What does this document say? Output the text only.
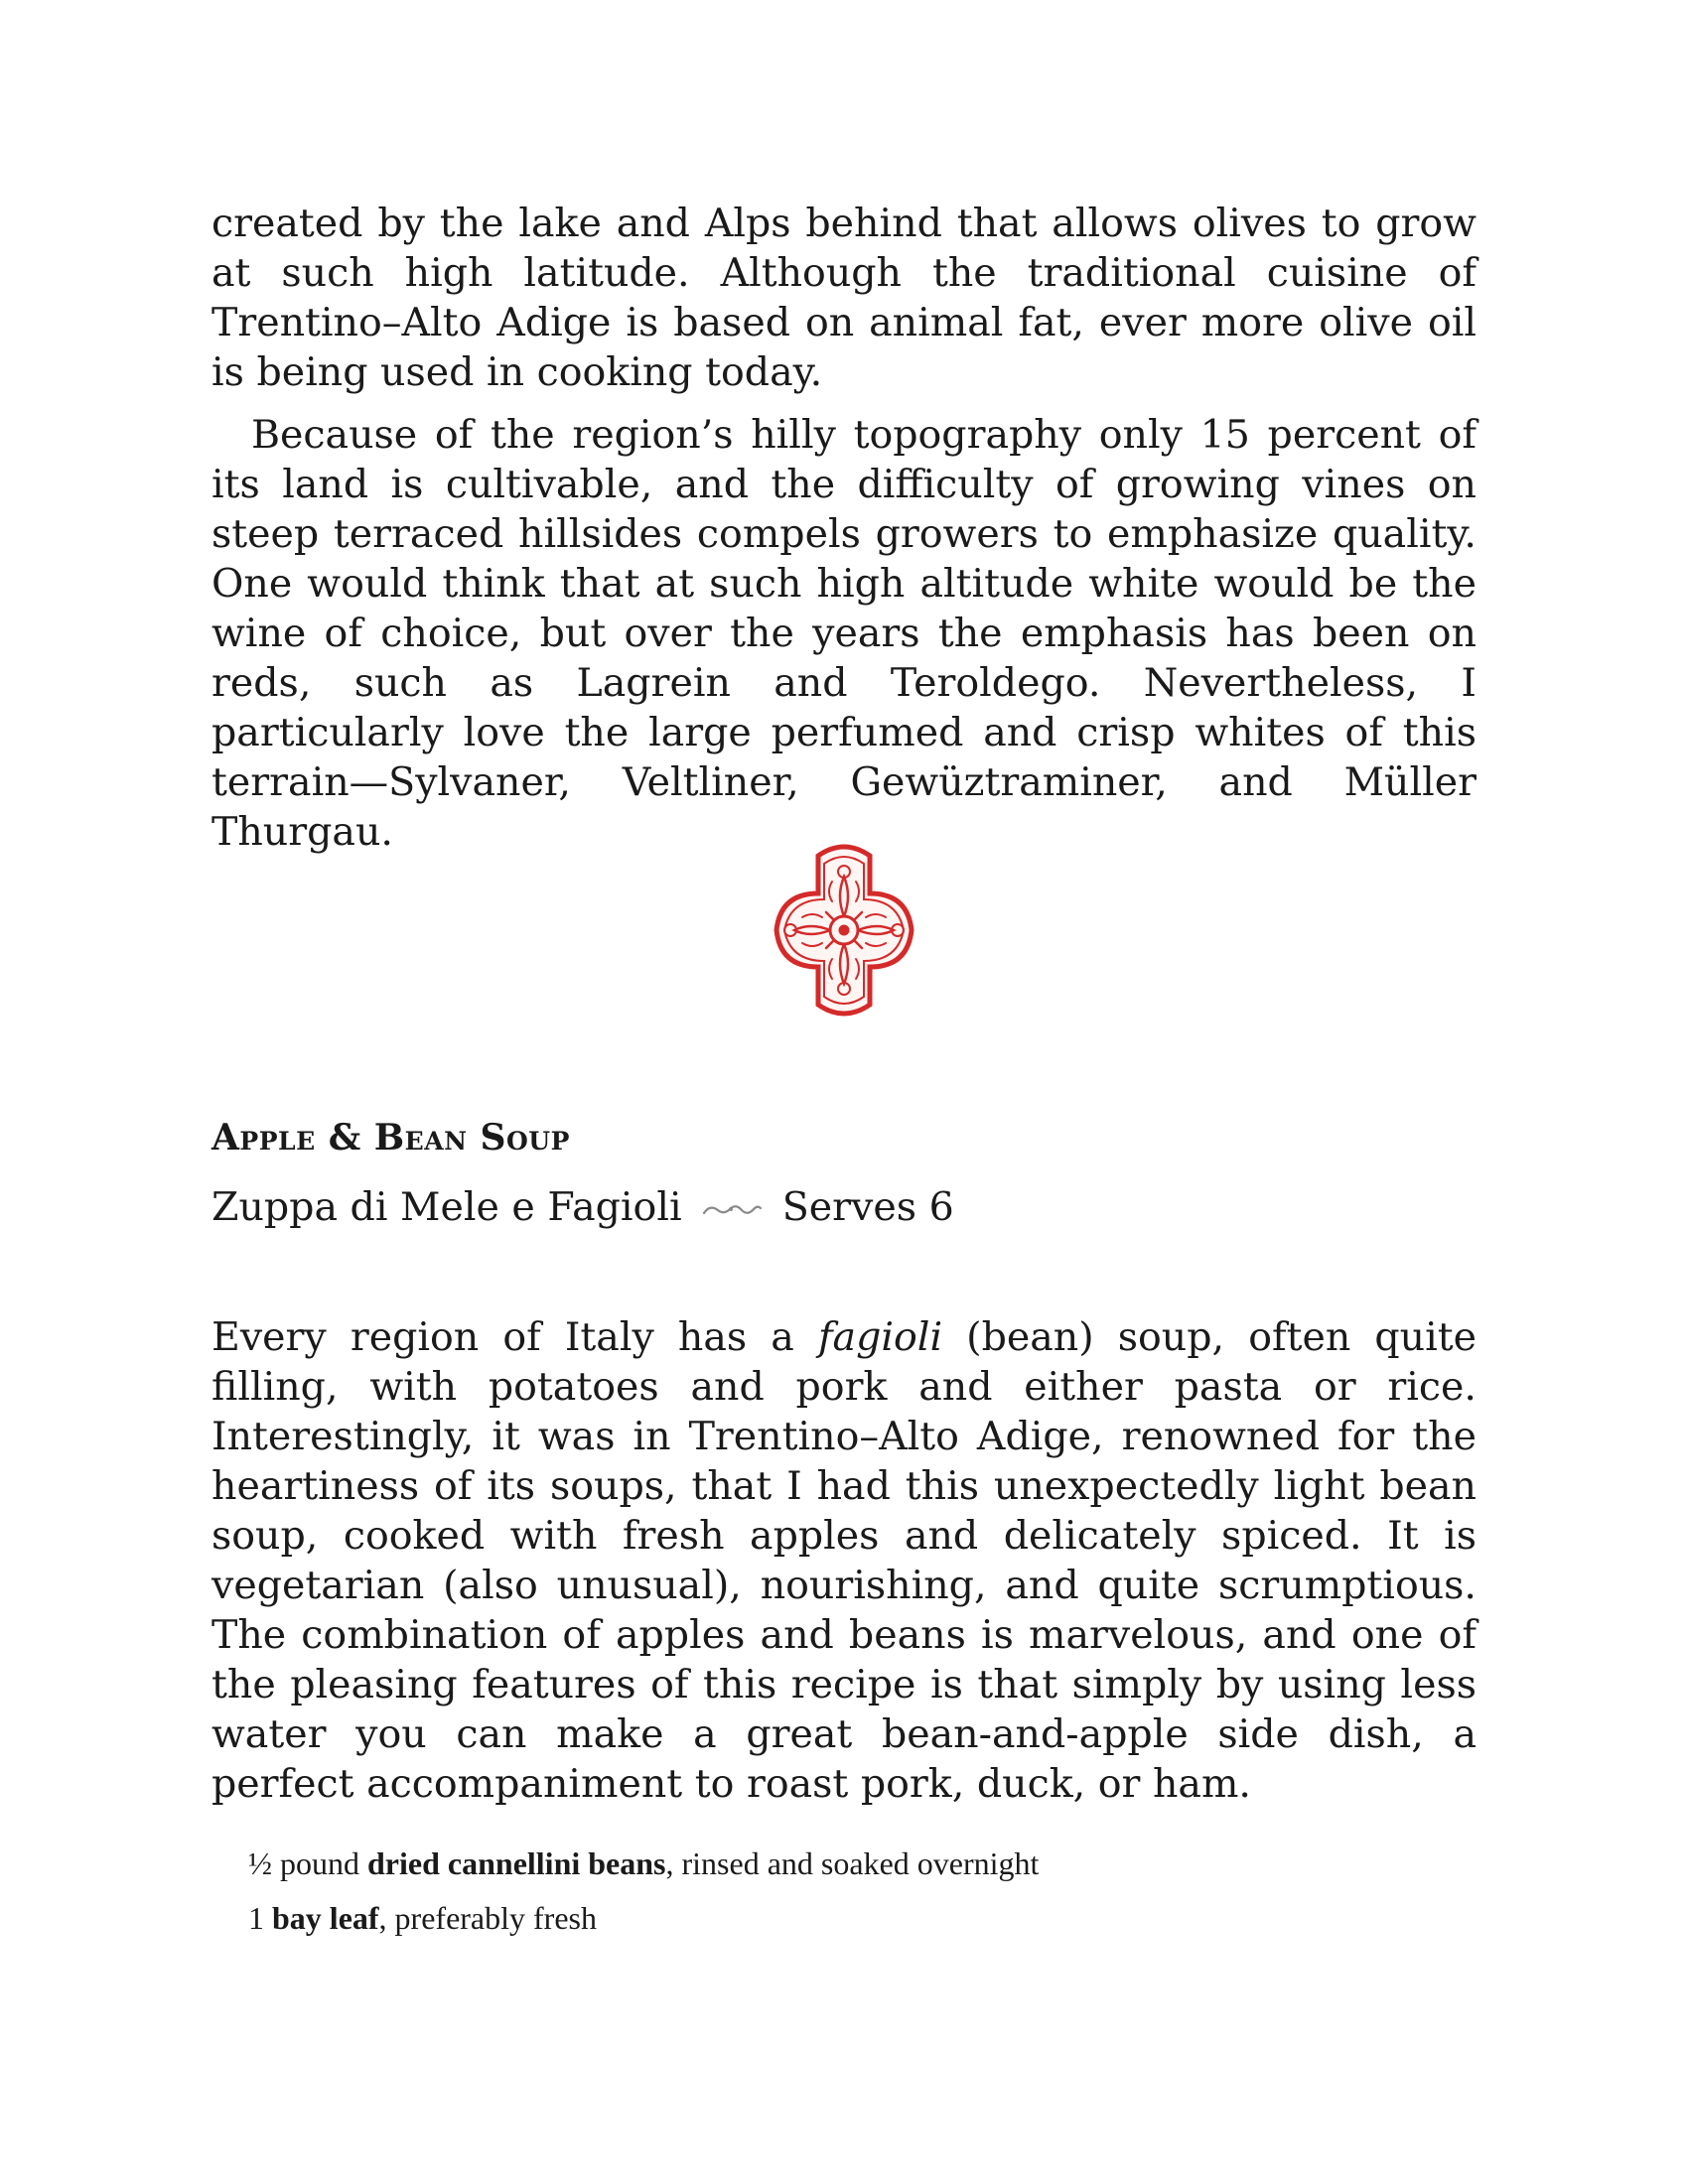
created by the lake and Alps behind that allows olives to grow at such high latitude. Although the traditional cuisine of Trentino–Alto Adige is based on animal fat, ever more olive oil is being used in cooking today.

Because of the region’s hilly topography only 15 percent of its land is cultivable, and the difficulty of growing vines on steep terraced hillsides compels growers to emphasize quality. One would think that at such high altitude white would be the wine of choice, but over the years the emphasis has been on reds, such as Lagrein and Teroldego. Nevertheless, I particularly love the large perfumed and crisp whites of this terrain—Sylvaner, Veltliner, Gewüztraminer, and Müller Thurgau.

Apple & Bean Soup

Zuppa di Mele e Fagioli	Serves 6

Every region of Italy has a fagioli (bean) soup, often quite filling, with potatoes and pork and either pasta or rice. Interestingly, it was in Trentino–Alto Adige, renowned for the heartiness of its soups, that I had this unexpectedly light bean soup, cooked with fresh apples and delicately spiced. It is vegetarian (also unusual), nourishing, and quite scrumptious. The combination of apples and beans is marvelous, and one of the pleasing features of this recipe is that simply by using less water you can make a great bean-and-apple side dish, a perfect accompaniment to roast pork, duck, or ham.

½ pound dried cannellini beans, rinsed and soaked overnight
1 bay leaf, preferably fresh
